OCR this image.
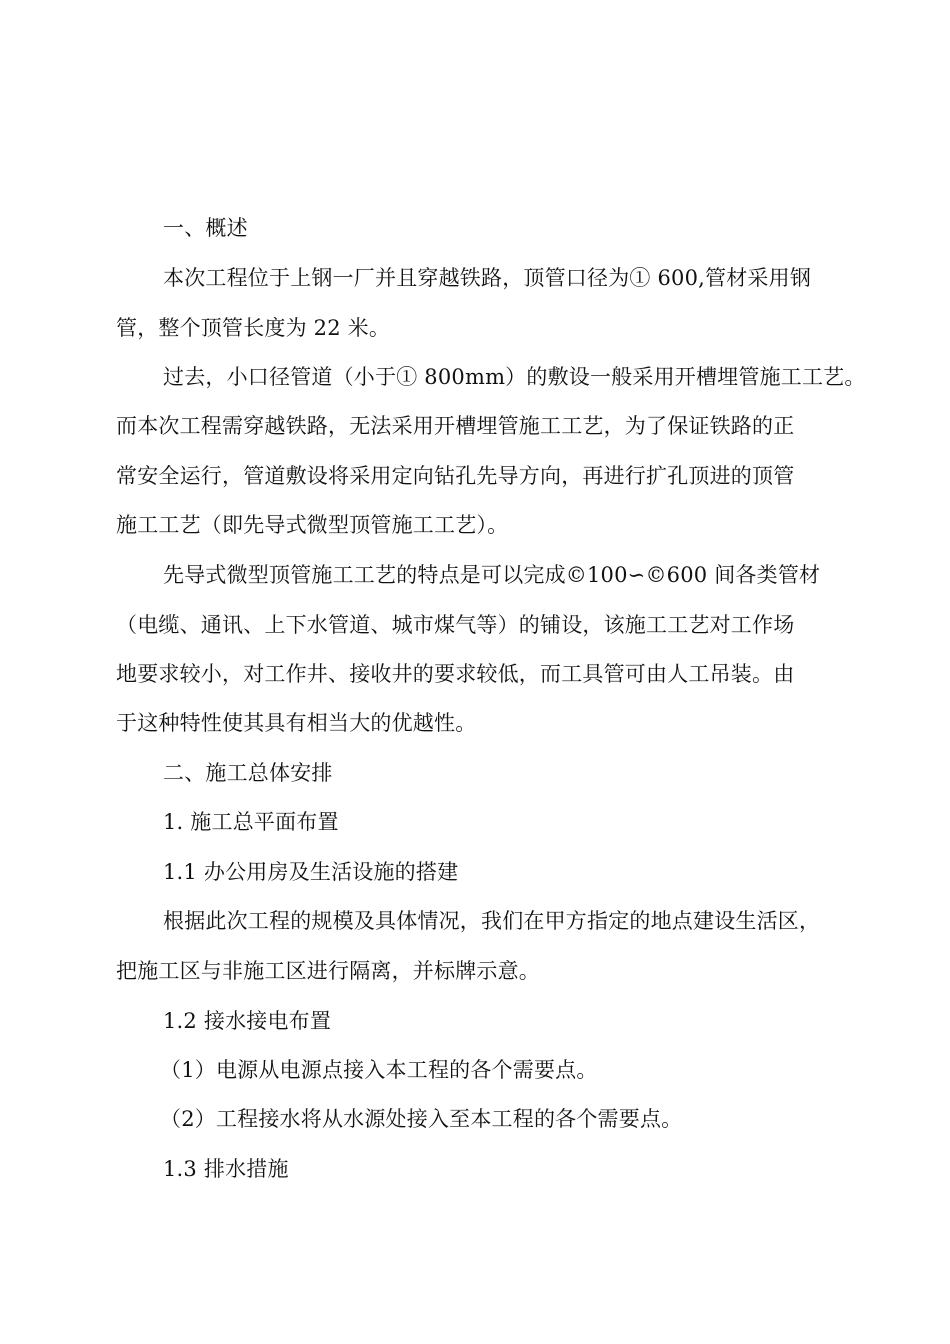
一、概述
本次工程位于上钢一厂并且穿越铁路，顶管口径为① 600,管材采用钢
管，整个顶管长度为 22 米。
过去，小口径管道（小于① 800mm）的敷设一般采用开槽埋管施工工艺。
而本次工程需穿越铁路，无法采用开槽埋管施工工艺，为了保证铁路的正
常安全运行，管道敷设将采用定向钻孔先导方向，再进行扩孔顶进的顶管
施工工艺（即先导式微型顶管施工工艺）。
先导式微型顶管施工工艺的特点是可以完成©100∽©600 间各类管材
（电缆、通讯、上下水管道、城市煤气等）的铺设，该施工工艺对工作场
地要求较小，对工作井、接收井的要求较低，而工具管可由人工吊装。由
于这种特性使其具有相当大的优越性。
二、施工总体安排
1. 施工总平面布置
1.1 办公用房及生活设施的搭建
根据此次工程的规模及具体情况，我们在甲方指定的地点建设生活区，
把施工区与非施工区进行隔离，并标牌示意。
1.2 接水接电布置
（1）电源从电源点接入本工程的各个需要点。
（2）工程接水将从水源处接入至本工程的各个需要点。
1.3 排水措施
